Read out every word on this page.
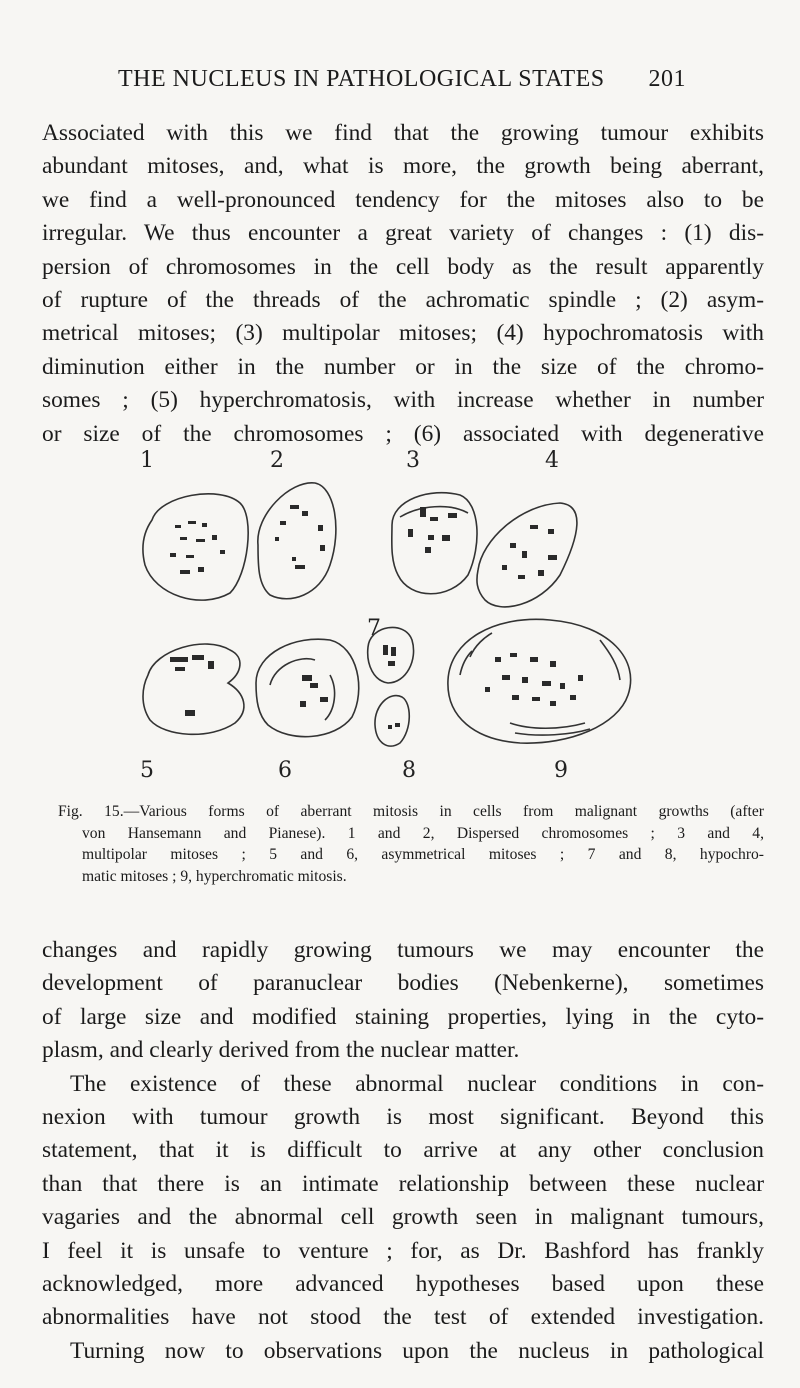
THE NUCLEUS IN PATHOLOGICAL STATES 201
Associated with this we find that the growing tumour exhibits
abundant mitoses, and, what is more, the growth being aberrant,
we find a well-pronounced tendency for the mitoses also to be
irregular. We thus encounter a great variety of changes : (1) dis-
persion of chromosomes in the cell body as the result apparently
of rupture of the threads of the achromatic spindle ; (2) asym-
metrical mitoses; (3) multipolar mitoses; (4) hypochromatosis with
diminution either in the number or in the size of the chromo-
somes ; (5) hyperchromatosis, with increase whether in number
or size of the chromosomes ; (6) associated with degenerative
1	2	3	4
7
5	6	8	9
Fig. 15.—Various forms of aberrant mitosis in cells from malignant growths (after
von Hansemann and Pianese). 1 and 2, Dispersed chromosomes ; 3 and 4,
multipolar mitoses ; 5 and 6, asymmetrical mitoses ; 7 and 8, hypochro-
matic mitoses ; 9, hyperchromatic mitosis.
changes and rapidly growing tumours we may encounter the
development of paranuclear bodies (Nebenkerne), sometimes
of large size and modified staining properties, lying in the cyto-
plasm, and clearly derived from the nuclear matter.
The existence of these abnormal nuclear conditions in con-
nexion with tumour growth is most significant. Beyond this
statement, that it is difficult to arrive at any other conclusion
than that there is an intimate relationship between these nuclear
vagaries and the abnormal cell growth seen in malignant tumours,
I feel it is unsafe to venture ; for, as Dr. Bashford has frankly
acknowledged, more advanced hypotheses based upon these
abnormalities have not stood the test of extended investigation.
Turning now to observations upon the nucleus in pathological
